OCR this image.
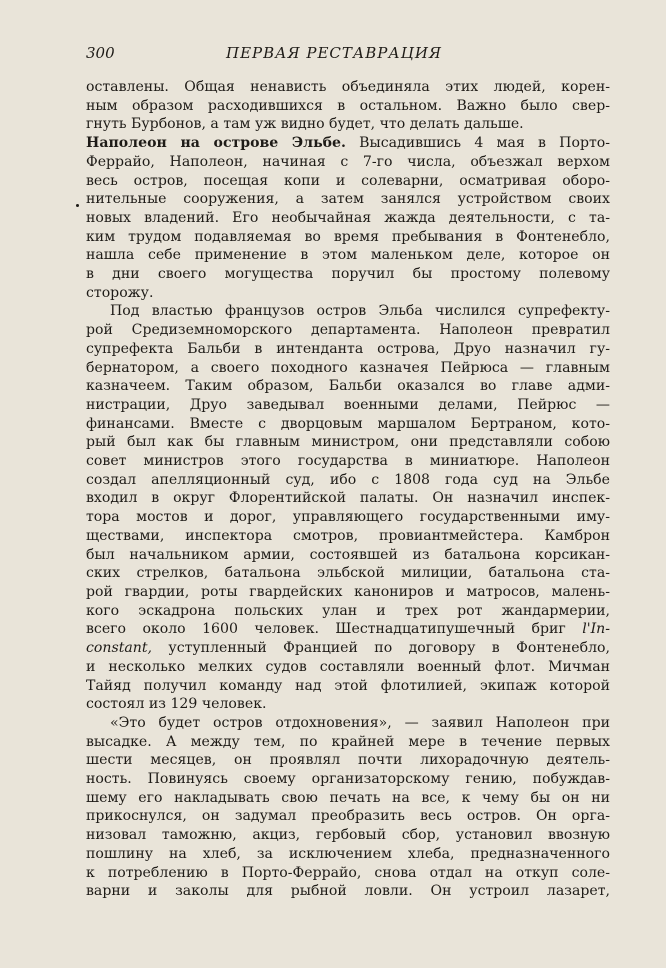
300	ПЕРВАЯ РЕСТАВРАЦИЯ

оставлены. Общая ненависть объединяла этих людей, корен-

ным образом расходившихся в остальном. Важно было свер-

гнуть Бурбонов, а там уж видно будет, что делать дальше.

Наполеон на острове Эльбе. Высадившись 4 мая в Порто-

Феррайо, Наполеон, начиная с 7-го числа, объезжал верхом

весь остров, посещая копи и солеварни, осматривая оборо-

нительные сооружения, а затем занялся устройством своих

новых владений. Его необычайная жажда деятельности, с та-

ким трудом подавляемая во время пребывания в Фонтенебло,

нашла себе применение в этом маленьком деле, которое он

в дни своего могущества поручил бы простому полевому

сторожу.

Под властью французов остров Эльба числился супрефекту-

рой Средиземноморского департамента. Наполеон превратил

супрефекта Бальби в интенданта острова, Друо назначил гу-

бернатором, а своего походного казначея Пейрюса — главным

казначеем. Таким образом, Бальби оказался во главе адми-

нистрации, Друо заведывал военными делами, Пейрюс —

финансами. Вместе с дворцовым маршалом Бертраном, кото-

рый был как бы главным министром, они представляли собою

совет министров этого государства в миниатюре. Наполеон

создал апелляционный суд, ибо с 1808 года суд на Эльбе

входил в округ Флорентийской палаты. Он назначил инспек-

тора мостов и дорог, управляющего государственными иму-

ществами, инспектора смотров, провиантмейстера. Камброн

был начальником армии, состоявшей из батальона корсикан-

ских стрелков, батальона эльбской милиции, батальона ста-

рой гвардии, роты гвардейских канониров и матросов, малень-

кого эскадрона польских улан и трех рот жандармерии,

всего около 1600 человек. Шестнадцатипушечный бриг l'In-

constant, уступленный Францией по договору в Фонтенебло,

и несколько мелких судов составляли военный флот. Мичман

Тайяд получил команду над этой флотилией, экипаж которой

состоял из 129 человек.

«Это будет остров отдохновения», — заявил Наполеон при

высадке. А между тем, по крайней мере в течение первых

шести месяцев, он проявлял почти лихорадочную деятель-

ность. Повинуясь своему организаторскому гению, побуждав-

шему его накладывать свою печать на все, к чему бы он ни

прикоснулся, он задумал преобразить весь остров. Он орга-

низовал таможню, акциз, гербовый сбор, установил ввозную

пошлину на хлеб, за исключением хлеба, предназначенного

к потреблению в Порто-Феррайо, снова отдал на откуп соле-

варни и заколы для рыбной ловли. Он устроил лазарет,
